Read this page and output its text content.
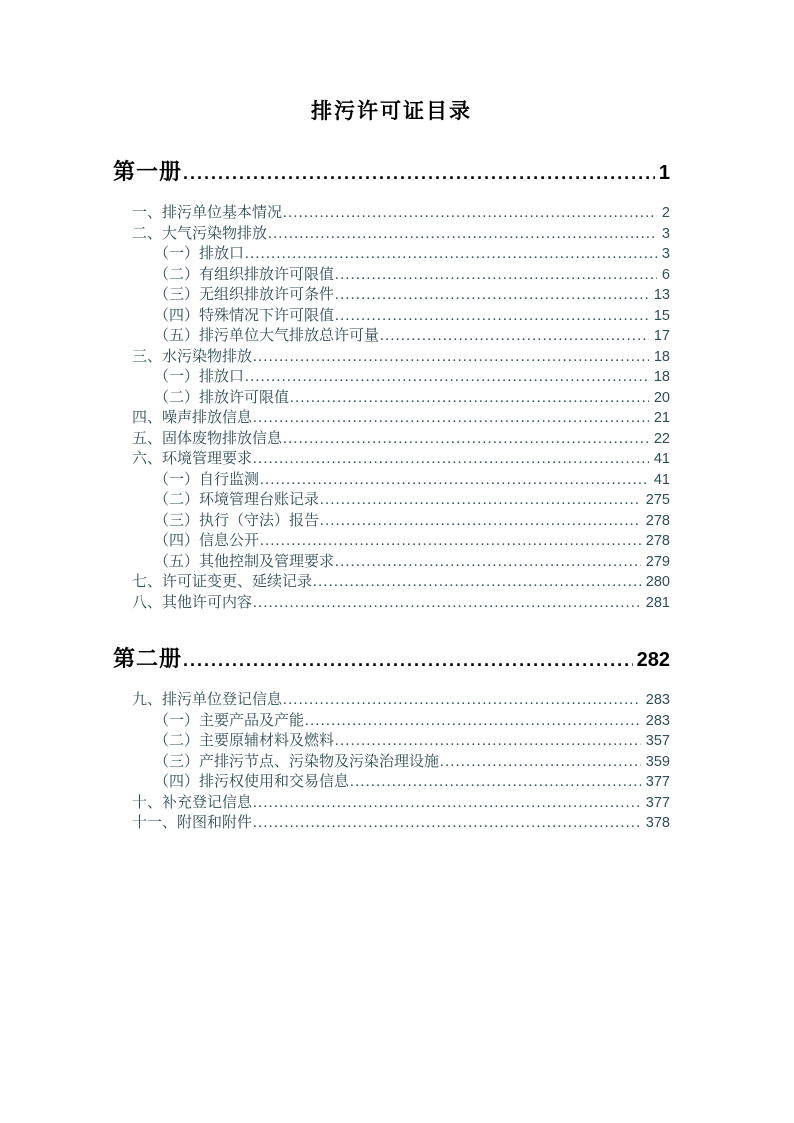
排污许可证目录
第一册 .....	1
一、排污单位基本情况 .....	2
二、大气污染物排放 .....	3
（一）排放口 .....	3
（二）有组织排放许可限值 .....	6
（三）无组织排放许可条件 .....	13
（四）特殊情况下许可限值 .....	15
（五）排污单位大气排放总许可量 .....	17
三、水污染物排放 .....	18
（一）排放口 .....	18
（二）排放许可限值 .....	20
四、噪声排放信息 .....	21
五、固体废物排放信息 .....	22
六、环境管理要求 .....	41
（一）自行监测 .....	41
（二）环境管理台账记录 .....	275
（三）执行（守法）报告 .....	278
（四）信息公开 .....	278
（五）其他控制及管理要求 .....	279
七、许可证变更、延续记录 .....	280
八、其他许可内容 .....	281
第二册 .....	282
九、排污单位登记信息 .....	283
（一）主要产品及产能 .....	283
（二）主要原辅材料及燃料 .....	357
（三）产排污节点、污染物及污染治理设施 .....	359
（四）排污权使用和交易信息 .....	377
十、补充登记信息 .....	377
十一、附图和附件 .....	378
